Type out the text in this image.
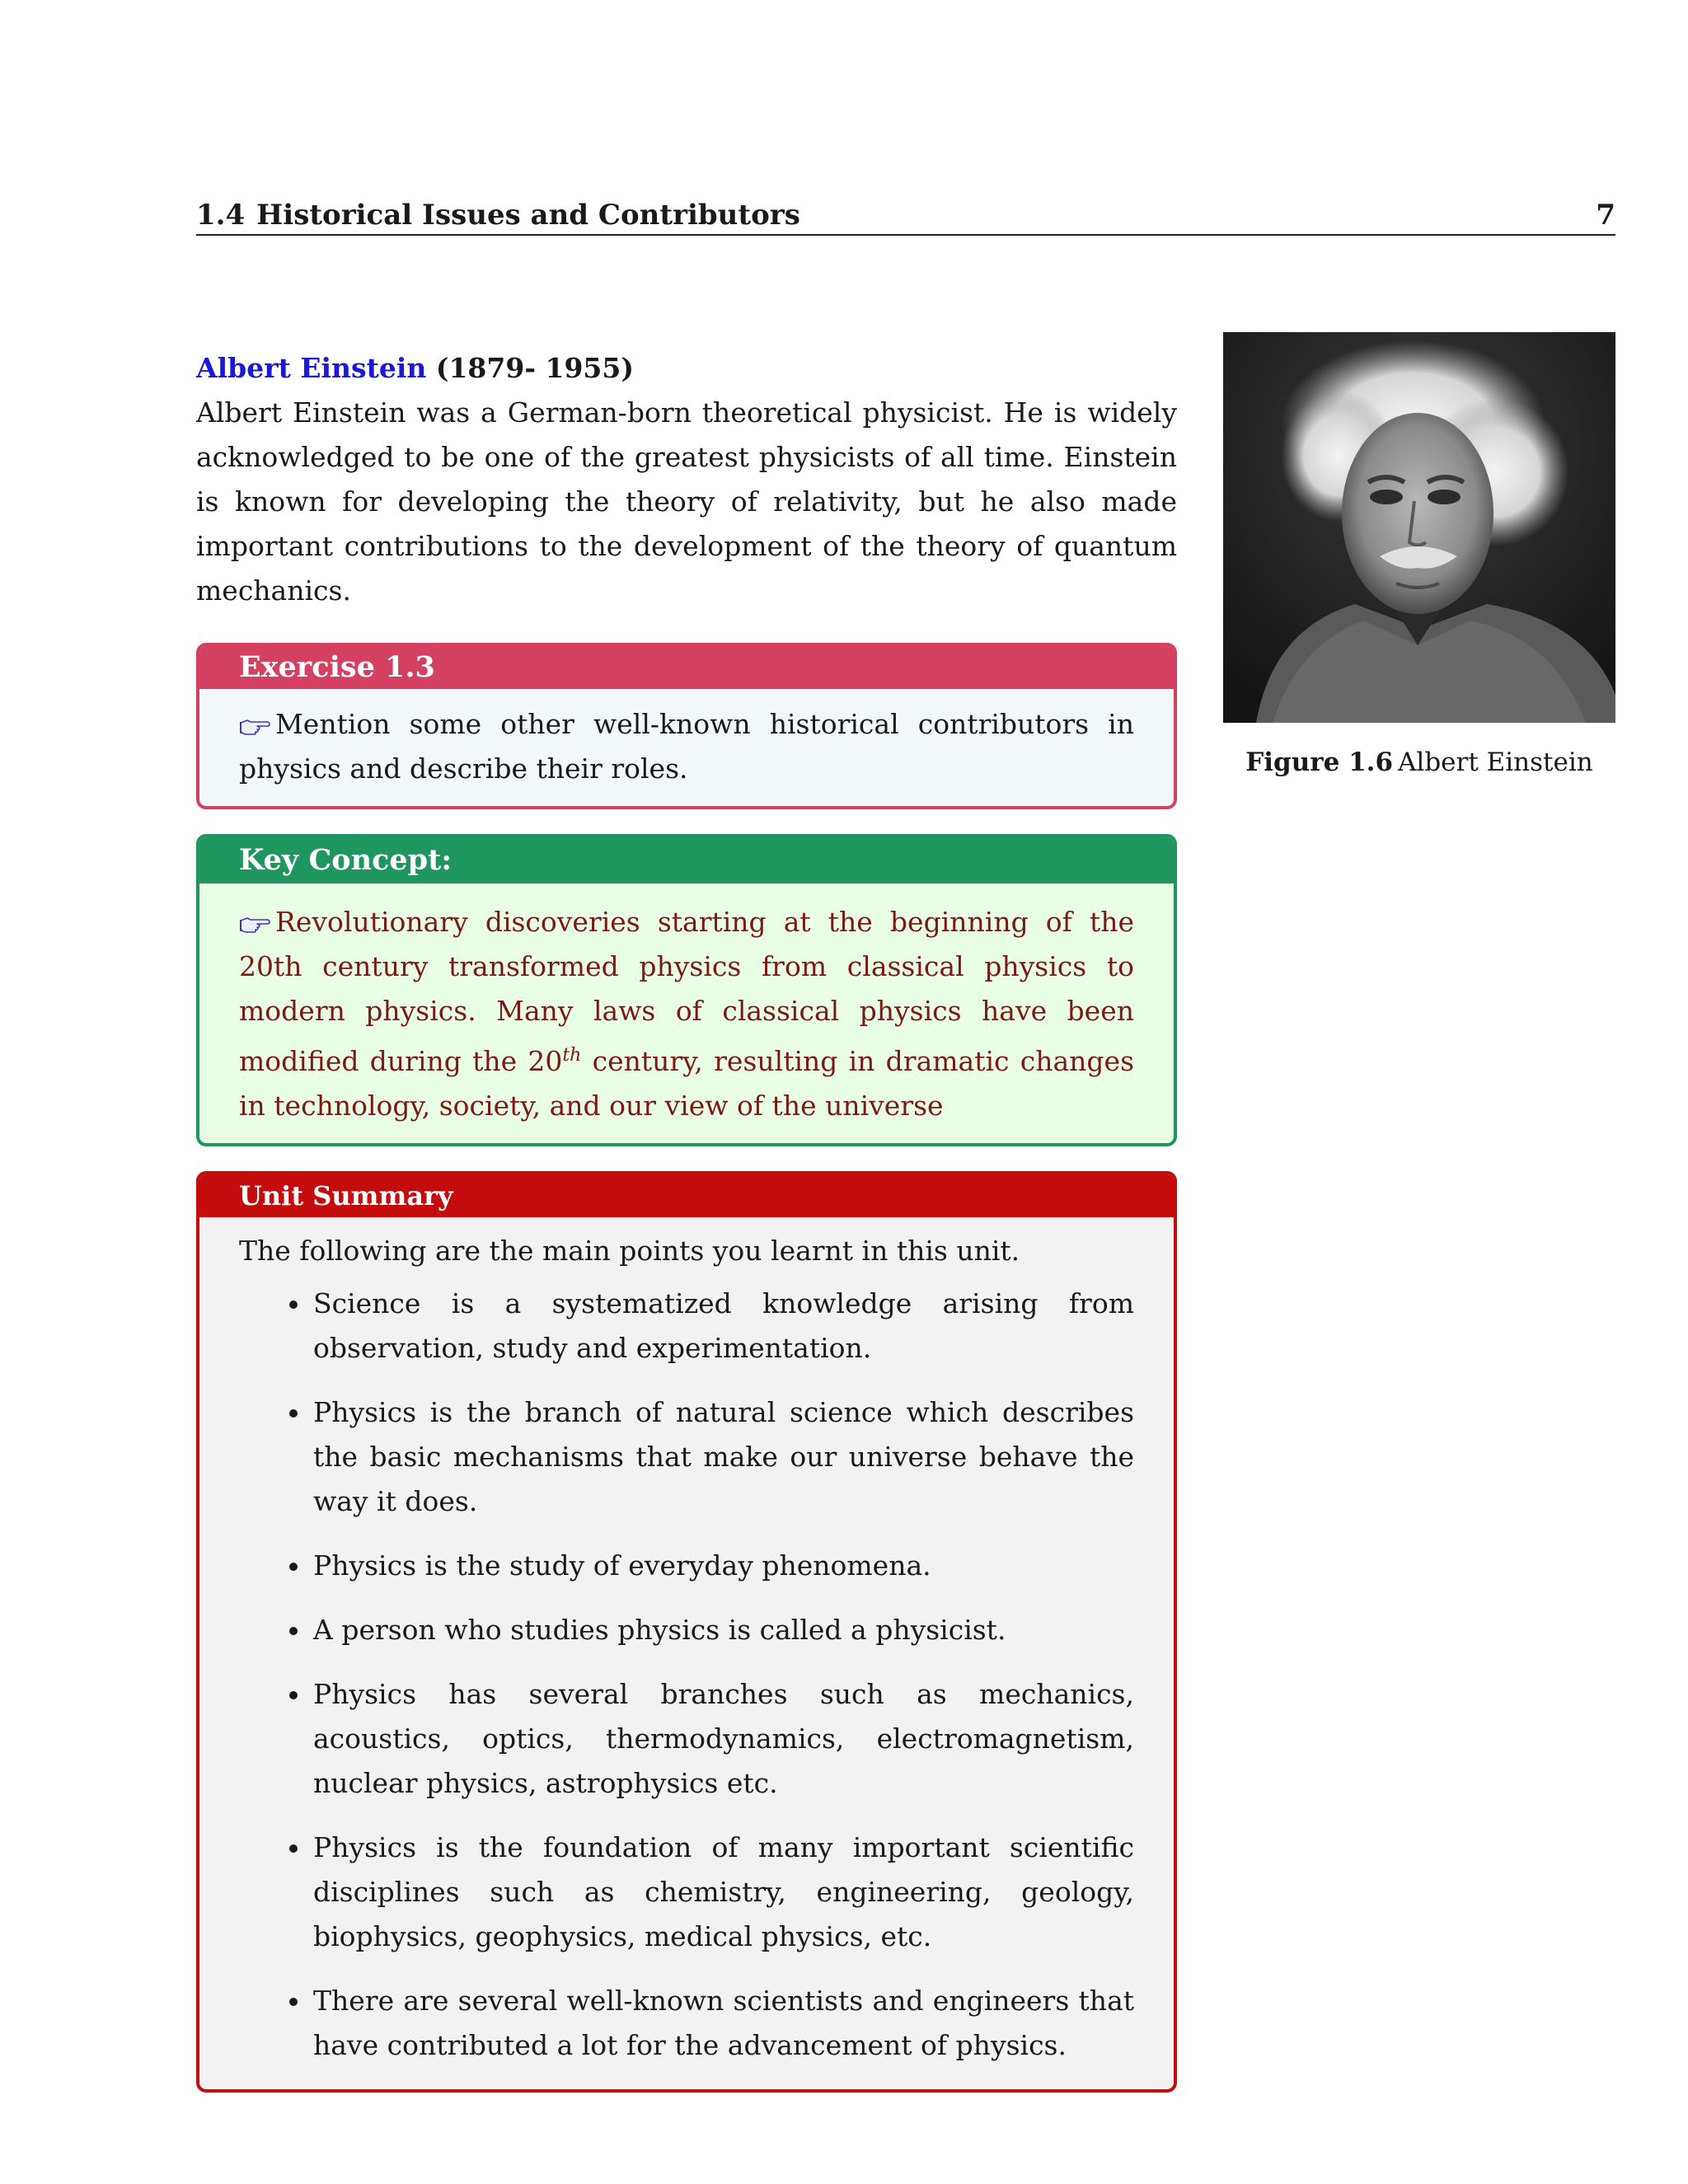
1.4 Historical Issues and Contributors	7
Albert Einstein (1879- 1955)

Albert Einstein was a German-born theoretical physicist. He is widely acknowledged to be one of the greatest physicists of all time. Einstein is known for developing the theory of relativity, but he also made important contributions to the development of the theory of quantum mechanics.

Exercise 1.3
Mention some other well-known historical contributors in physics and describe their roles.
Key Concept:
Revolutionary discoveries starting at the beginning of the 20th century transformed physics from classical physics to modern physics. Many laws of classical physics have been modified during the 20th century, resulting in dramatic changes in technology, society, and our view of the universe
Unit Summary

The following are the main points you learnt in this unit.

Science is a systematized knowledge arising from observation, study and experimentation.
Physics is the branch of natural science which describes the basic mechanisms that make our universe behave the way it does.
Physics is the study of everyday phenomena.
A person who studies physics is called a physicist.
Physics has several branches such as mechanics, acoustics, optics, thermodynamics, electromagnetism, nuclear physics, astrophysics etc.
Physics is the foundation of many important scientific disciplines such as chemistry, engineering, geology, biophysics, geophysics, medical physics, etc.
There are several well-known scientists and engineers that have contributed a lot for the advancement of physics.
Figure 1.6 Albert Einstein
